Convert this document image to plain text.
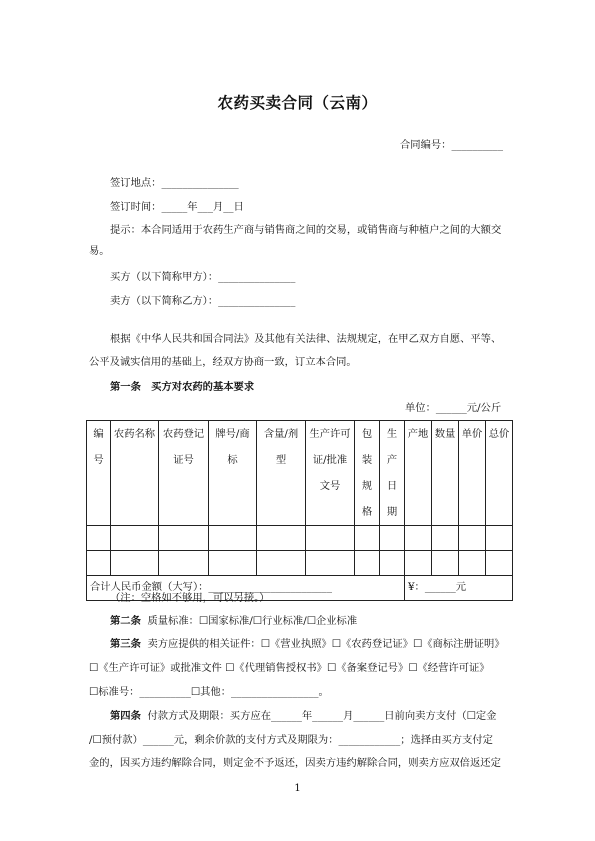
农药买卖合同（云南）
合同编号：__________
签订地点：_______________
签订时间：_____年___月__日
提示：本合同适用于农药生产商与销售商之间的交易，或销售商与种植户之间的大额交
易。
买方（以下简称甲方）：_______________
卖方（以下简称乙方）：_______________
根据《中华人民共和国合同法》及其他有关法律、法规规定，在甲乙双方自愿、平等、
公平及诚实信用的基础上，经双方协商一致，订立本合同。
第一条　买方对农药的基本要求
单位：______元/公斤
编号	农药名称	农药登记证号	牌号/商标	含量/剂型	生产许可证/批准文号	包装规格	生产日期	产地	数量	单价	总价

合计人民币金额（大写）：________________________								¥：______元			
（注：空格如不够用，可以另接。）
第二条 质量标准：☐国家标准/☐行业标准/☐企业标准
第三条 卖方应提供的相关证件：☐《营业执照》☐《农药登记证》☐《商标注册证明》
☐《生产许可证》或批准文件 ☐《代理销售授权书》☐《备案登记号》☐《经营许可证》
☐标准号：__________☐其他：_________________。
第四条 付款方式及期限：买方应在______年______月______日前向卖方支付（☐定金
/☐预付款）______元，剩余价款的支付方式及期限为：____________；选择由买方支付定
金的，因买方违约解除合同，则定金不予返还，因卖方违约解除合同，则卖方应双倍返还定
1
